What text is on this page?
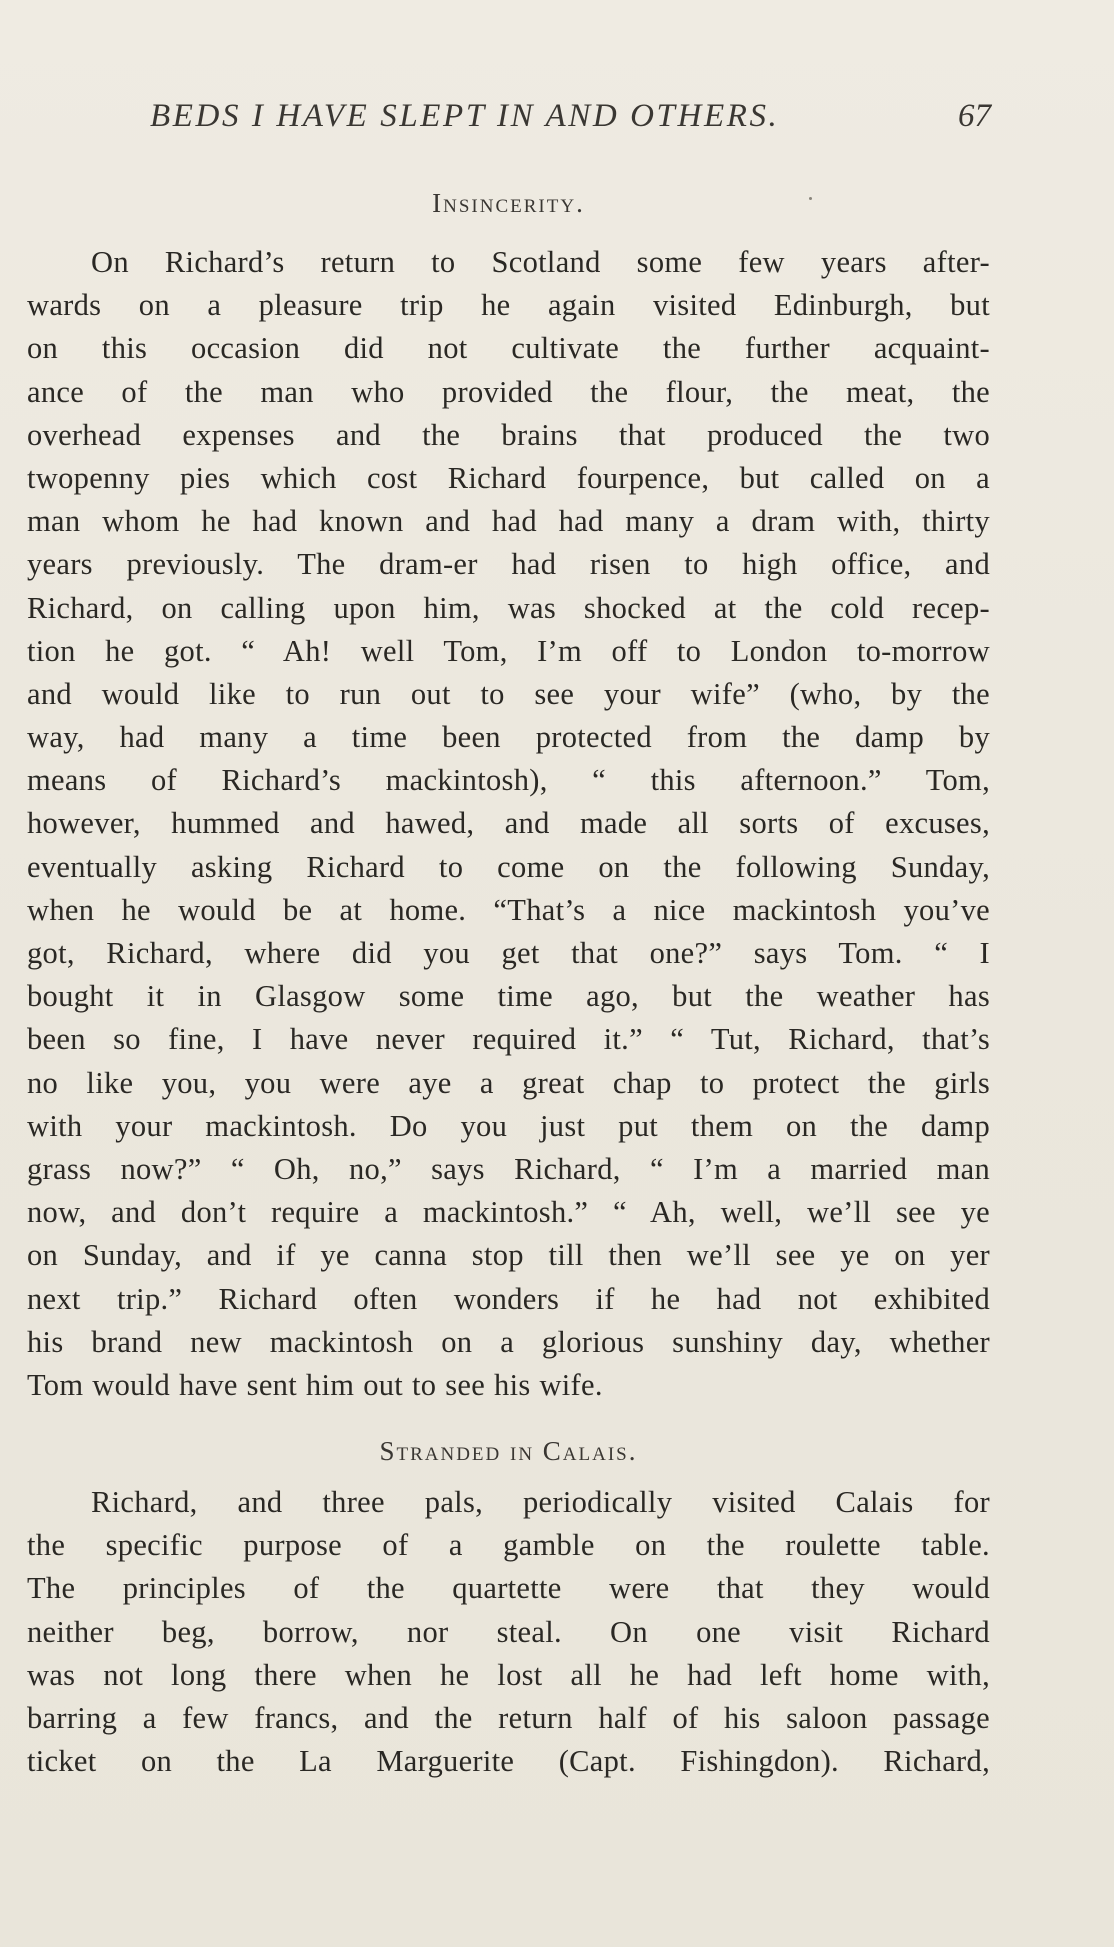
BEDS I HAVE SLEPT IN AND OTHERS.	67
Insincerity.
On Richard’s return to Scotland some few years after-
wards on a pleasure trip he again visited Edinburgh, but
on this occasion did not cultivate the further acquaint-
ance of the man who provided the flour, the meat, the
overhead expenses and the brains that produced the two
twopenny pies which cost Richard fourpence, but called on a
man whom he had known and had had many a dram with, thirty
years previously. The dram-er had risen to high office, and
Richard, on calling upon him, was shocked at the cold recep-
tion he got. “ Ah! well Tom, I’m off to London to-morrow
and would like to run out to see your wife” (who, by the
way, had many a time been protected from the damp by
means of Richard’s mackintosh), “ this afternoon.” Tom,
however, hummed and hawed, and made all sorts of excuses,
eventually asking Richard to come on the following Sunday,
when he would be at home. “That’s a nice mackintosh you’ve
got, Richard, where did you get that one?” says Tom. “ I
bought it in Glasgow some time ago, but the weather has
been so fine, I have never required it.” “ Tut, Richard, that’s
no like you, you were aye a great chap to protect the girls
with your mackintosh. Do you just put them on the damp
grass now?” “ Oh, no,” says Richard, “ I’m a married man
now, and don’t require a mackintosh.” “ Ah, well, we’ll see ye
on Sunday, and if ye canna stop till then we’ll see ye on yer
next trip.” Richard often wonders if he had not exhibited
his brand new mackintosh on a glorious sunshiny day, whether
Tom would have sent him out to see his wife.
Stranded in Calais.
Richard, and three pals, periodically visited Calais for
the specific purpose of a gamble on the roulette table.
The principles of the quartette were that they would
neither beg, borrow, nor steal. On one visit Richard
was not long there when he lost all he had left home with,
barring a few francs, and the return half of his saloon passage
ticket on the La Marguerite (Capt. Fishingdon). Richard,
